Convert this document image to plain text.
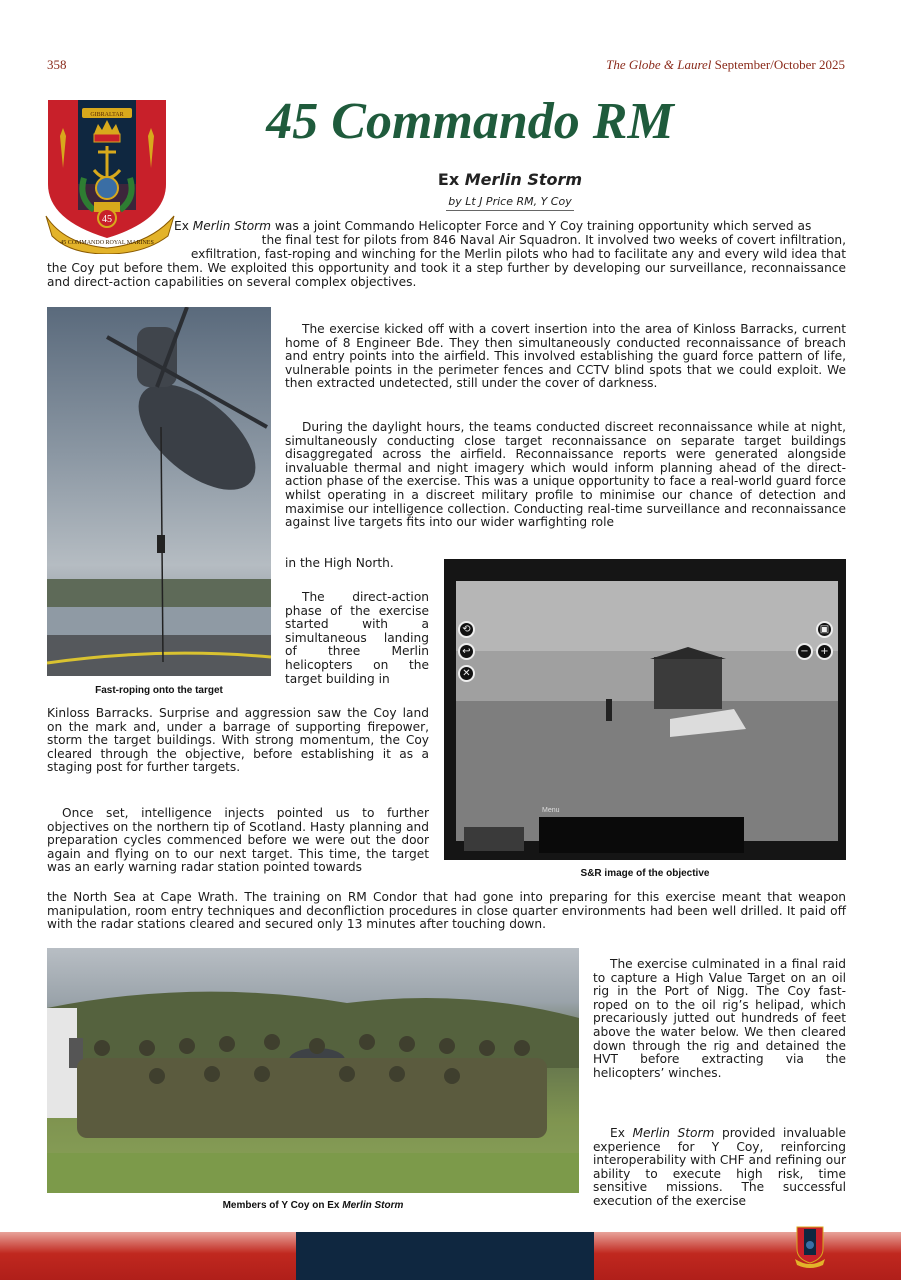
358	The Globe & Laurel September/October 2025
GIBRALTAR
45
45 COMMANDO ROYAL MARINES
45 Commando RM
Ex Merlin Storm
by Lt J Price RM, Y Coy
Ex Merlin Storm was a joint Commando Helicopter Force and Y Coy training opportunity which served as
the final test for pilots from 846 Naval Air Squadron. It involved two weeks of covert infiltration,
exfiltration, fast-roping and winching for the Merlin pilots who had to facilitate any and every wild idea that
the Coy put before them. We exploited this opportunity and took it a step further by developing our surveillance, reconnaissance and direct-action capabilities on several complex objectives.
Fast-roping onto the target

The exercise kicked off with a covert insertion into the area of Kinloss Barracks, current home of 8 Engineer Bde. They then simultaneously conducted reconnaissance of breach and entry points into the airfield. This involved establishing the guard force pattern of life, vulnerable points in the perimeter fences and CCTV blind spots that we could exploit. We then extracted undetected, still under the cover of darkness.

During the daylight hours, the teams conducted discreet reconnaissance while at night, simultaneously conducting close target reconnaissance on separate target buildings disaggregated across the airfield. Reconnaissance reports were generated alongside invaluable thermal and night imagery which would inform planning ahead of the direct-action phase of the exercise. This was a unique opportunity to face a real-world guard force whilst operating in a discreet military profile to minimise our chance of detection and maximise our intelligence collection. Conducting real-time surveillance and reconnaissance against live targets fits into our wider warfighting role

in the High North.

The direct-action phase of the exercise started with a simultaneous landing of three Merlin helicopters on the target building in

Kinloss Barracks. Surprise and aggression saw the Coy land on the mark and, under a barrage of supporting firepower, storm the target buildings. With strong momentum, the Coy cleared through the objective, before establishing it as a staging post for further targets.

Once set, intelligence injects pointed us to further objectives on the northern tip of Scotland. Hasty planning and preparation cycles commenced before we were out the door again and flying on to our next target. This time, the target was an early warning radar station pointed towards

the North Sea at Cape Wrath. The training on RM Condor that had gone into preparing for this exercise meant that weapon manipulation, room entry techniques and deconfliction procedures in close quarter environments had been well drilled. It paid off with the radar stations cleared and secured only 13 minutes after touching down.

⟲
↩
✕
▣
−	+
Menu
S&R image of the objective
Members of Y Coy on Ex Merlin Storm

The exercise culminated in a final raid to capture a High Value Target on an oil rig in the Port of Nigg. The Coy fast-roped on to the oil rig’s helipad, which precariously jutted out hundreds of feet above the water below. We then cleared down through the rig and detained the HVT before extracting via the helicopters’ winches.

Ex Merlin Storm provided invaluable experience for Y Coy, reinforcing interoperability with CHF and refining our ability to execute high risk, time sensitive missions. The successful execution of the exercise
